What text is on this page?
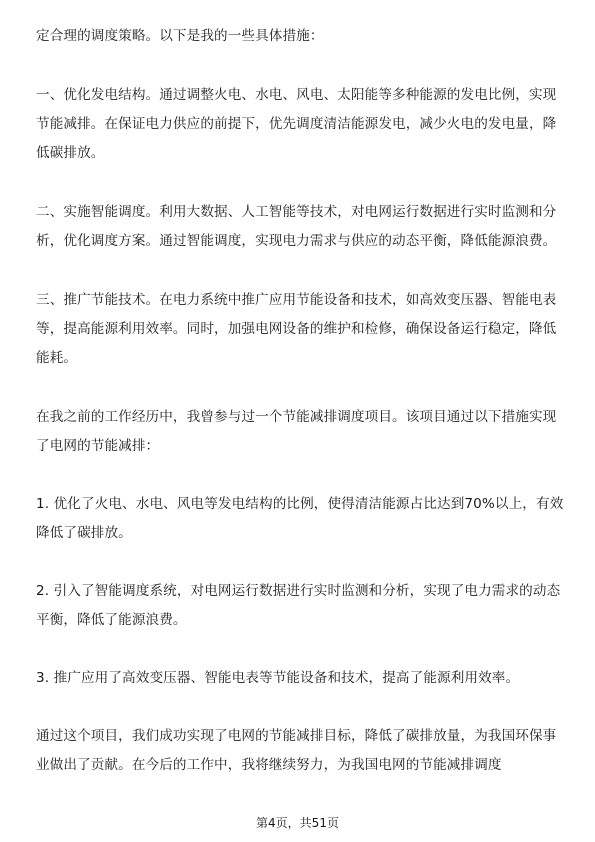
定合理的调度策略。以下是我的一些具体措施：

一、优化发电结构。通过调整火电、水电、风电、太阳能等多种能源的发电比例，实现节能减排。在保证电力供应的前提下，优先调度清洁能源发电，减少火电的发电量，降低碳排放。

二、实施智能调度。利用大数据、人工智能等技术，对电网运行数据进行实时监测和分析，优化调度方案。通过智能调度，实现电力需求与供应的动态平衡，降低能源浪费。

三、推广节能技术。在电力系统中推广应用节能设备和技术，如高效变压器、智能电表等，提高能源利用效率。同时，加强电网设备的维护和检修，确保设备运行稳定，降低能耗。

在我之前的工作经历中，我曾参与过一个节能减排调度项目。该项目通过以下措施实现了电网的节能减排：

1. 优化了火电、水电、风电等发电结构的比例，使得清洁能源占比达到70%以上，有效降低了碳排放。

2. 引入了智能调度系统，对电网运行数据进行实时监测和分析，实现了电力需求的动态平衡，降低了能源浪费。

3. 推广应用了高效变压器、智能电表等节能设备和技术，提高了能源利用效率。

通过这个项目，我们成功实现了电网的节能减排目标，降低了碳排放量，为我国环保事业做出了贡献。在今后的工作中，我将继续努力，为我国电网的节能减排调度

第4页，共51页
